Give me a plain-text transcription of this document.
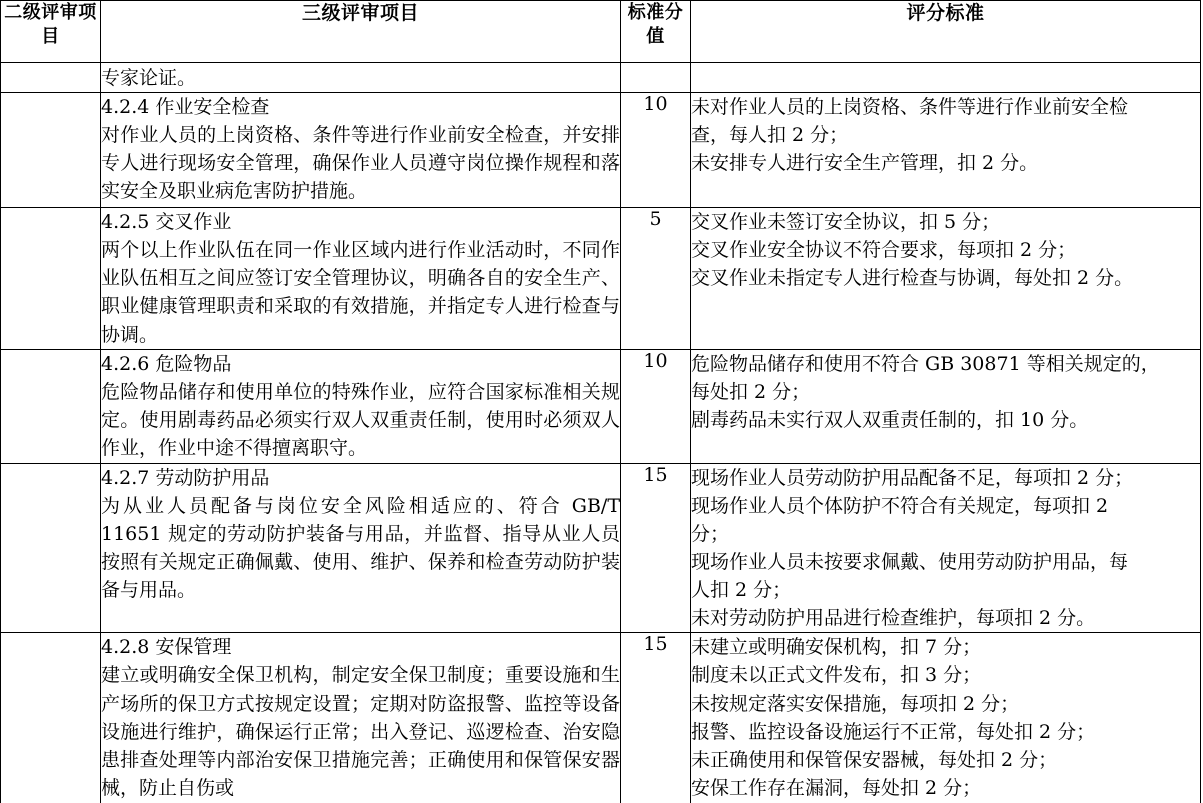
二级评审项目	三级评审项目	标准分值	评分标准

	专家论证。		

	4.2.4 作业安全检查
对作业人员的上岗资格、条件等进行作业前安全检查，并安排专人进行现场安全管理，确保作业人员遵守岗位操作规程和落实安全及职业病危害防护措施。	10	未对作业人员的上岗资格、条件等进行作业前安全检
查，每人扣 2 分；
未安排专人进行安全生产管理，扣 2 分。

	4.2.5 交叉作业
两个以上作业队伍在同一作业区域内进行作业活动时，不同作业队伍相互之间应签订安全管理协议，明确各自的安全生产、职业健康管理职责和采取的有效措施，并指定专人进行检查与协调。	5	交叉作业未签订安全协议，扣 5 分；
交叉作业安全协议不符合要求，每项扣 2 分；
交叉作业未指定专人进行检查与协调，每处扣 2 分。

	4.2.6 危险物品
危险物品储存和使用单位的特殊作业，应符合国家标准相关规定。使用剧毒药品必须实行双人双重责任制，使用时必须双人作业，作业中途不得擅离职守。	10	危险物品储存和使用不符合 GB 30871 等相关规定的，
每处扣 2 分；
剧毒药品未实行双人双重责任制的，扣 10 分。

4.2.7 劳动防护用品
为从业人员配备与岗位安全风险相适应的、符合 GB/T 11651 规定的劳动防护装备与用品，并监督、指导从业人员按照有关规定正确佩戴、使用、维护、保养和检查劳动防护装备与用品。
	15	现场作业人员劳动防护用品配备不足，每项扣 2 分；
现场作业人员个体防护不符合有关规定，每项扣 2
分；
现场作业人员未按要求佩戴、使用劳动防护用品，每
人扣 2 分；
未对劳动防护用品进行检查维护，每项扣 2 分。

4.2.8 安保管理
建立或明确安全保卫机构，制定安全保卫制度；重要设施和生产场所的保卫方式按规定设置；定期对防盗报警、监控等设备设施进行维护，确保运行正常；出入登记、巡逻检查、治安隐患排查处理等内部治安保卫措施完善；正确使用和保管保安器械，防止自伤或
	15	未建立或明确安保机构，扣 7 分；
制度未以正式文件发布，扣 3 分；
未按规定落实安保措施，每项扣 2 分；
报警、监控设备设施运行不正常，每处扣 2 分；
未正确使用和保管保安器械，每处扣 2 分；
安保工作存在漏洞，每处扣 2 分；
